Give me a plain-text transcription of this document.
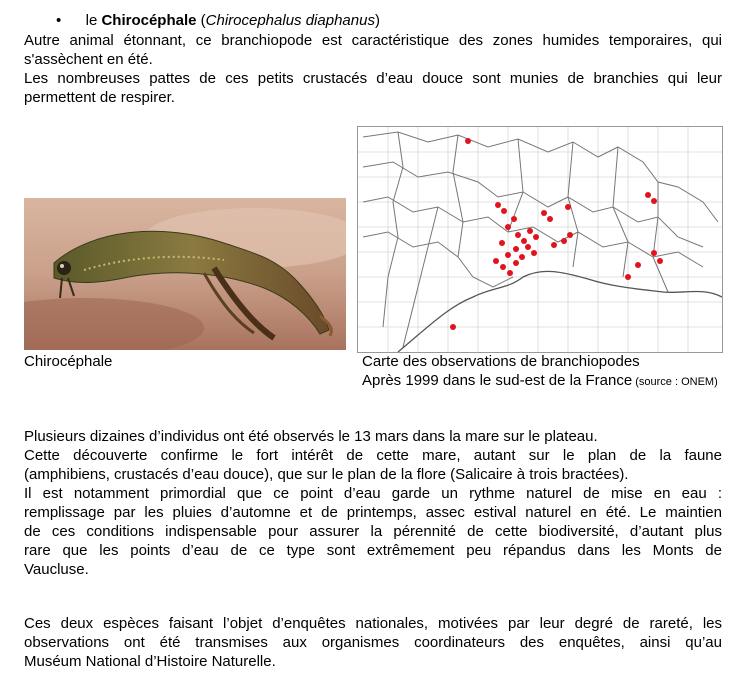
• le Chirocéphale (Chirocephalus diaphanus)
Autre animal étonnant, ce branchiopode est caractéristique des zones humides temporaires, qui
s'assèchent en été.
Les nombreuses pattes de ces petits crustacés d’eau douce sont munies de branchies qui leur
permettent de respirer.
Chirocéphale	Carte des observations de branchiopodes
Après 1999 dans le sud-est de la France (source : ONEM)
Plusieurs dizaines d’individus ont été observés le 13 mars dans la mare sur le plateau.
Cette découverte confirme le fort intérêt de cette mare, autant sur le plan de la faune
(amphibiens, crustacés d’eau douce), que sur le plan de la flore (Salicaire à trois bractées).
Il est notamment primordial que ce point d’eau garde un rythme naturel de mise en eau :
remplissage par les pluies d’automne et de printemps, assec estival naturel en été. Le maintien
de ces conditions indispensable pour assurer la pérennité de cette biodiversité, d’autant plus
rare que les points d’eau de ce type sont extrêmement peu répandus dans les Monts de
Vaucluse.
Ces deux espèces faisant l’objet d’enquêtes nationales, motivées par leur degré de rareté, les
observations ont été transmises aux organismes coordinateurs des enquêtes, ainsi qu’au
Muséum National d’Histoire Naturelle.
